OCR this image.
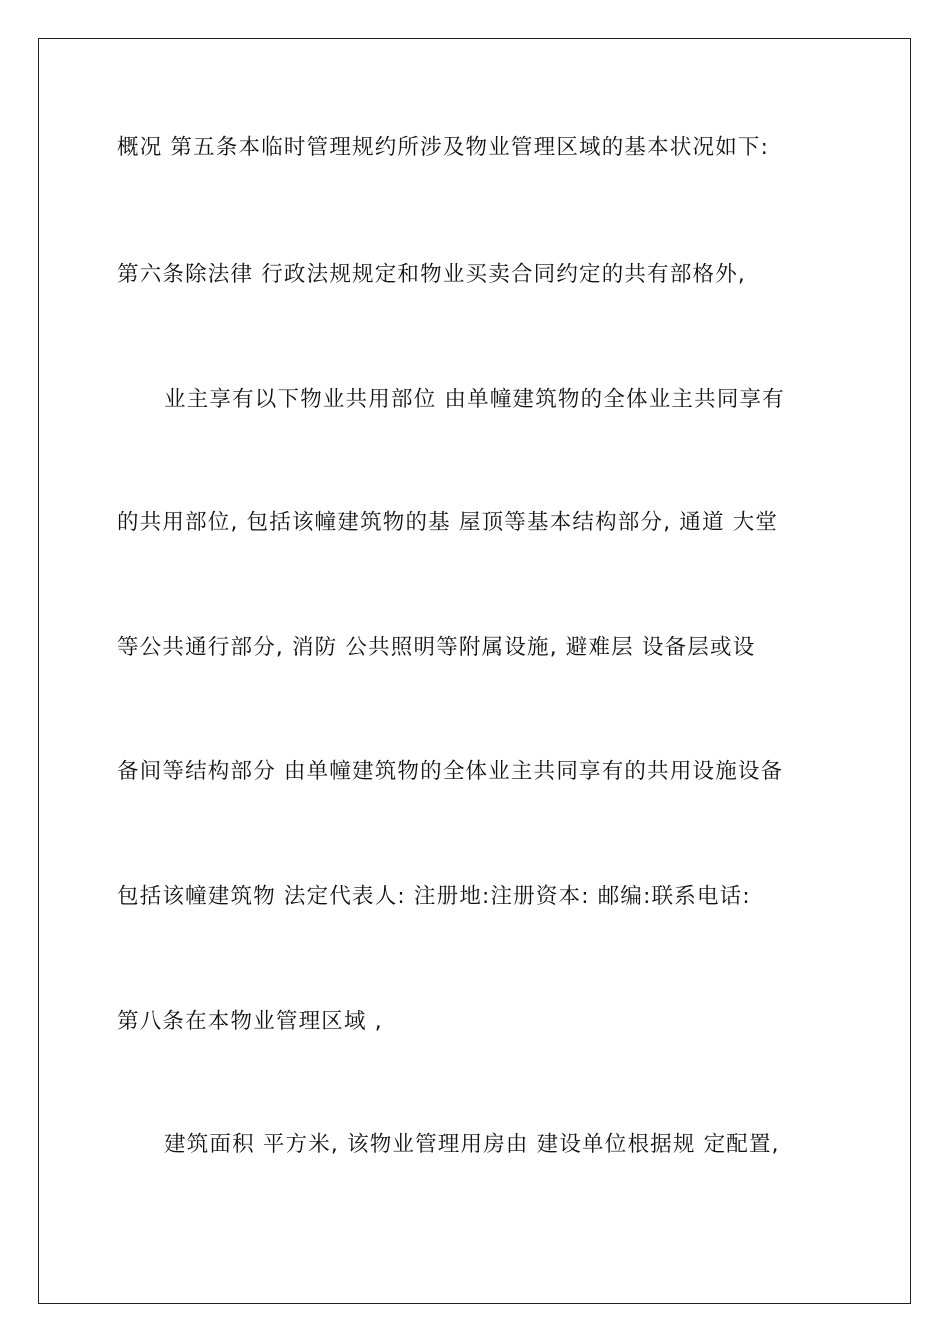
概况 第五条本临时管理规约所涉及物业管理区域的基本状况如下:
第六条除法律 行政法规规定和物业买卖合同约定的共有部格外,
业主享有以下物业共用部位 由单幢建筑物的全体业主共同享有
的共用部位, 包括该幢建筑物的基 屋顶等基本结构部分, 通道 大堂
等公共通行部分, 消防 公共照明等附属设施, 避难层 设备层或设
备间等结构部分 由单幢建筑物的全体业主共同享有的共用设施设备
包括该幢建筑物 法定代表人: 注册地:注册资本: 邮编:联系电话:
第八条在本物业管理区域 ,
建筑面积 平方米, 该物业管理用房由 建设单位根据规 定配置,
